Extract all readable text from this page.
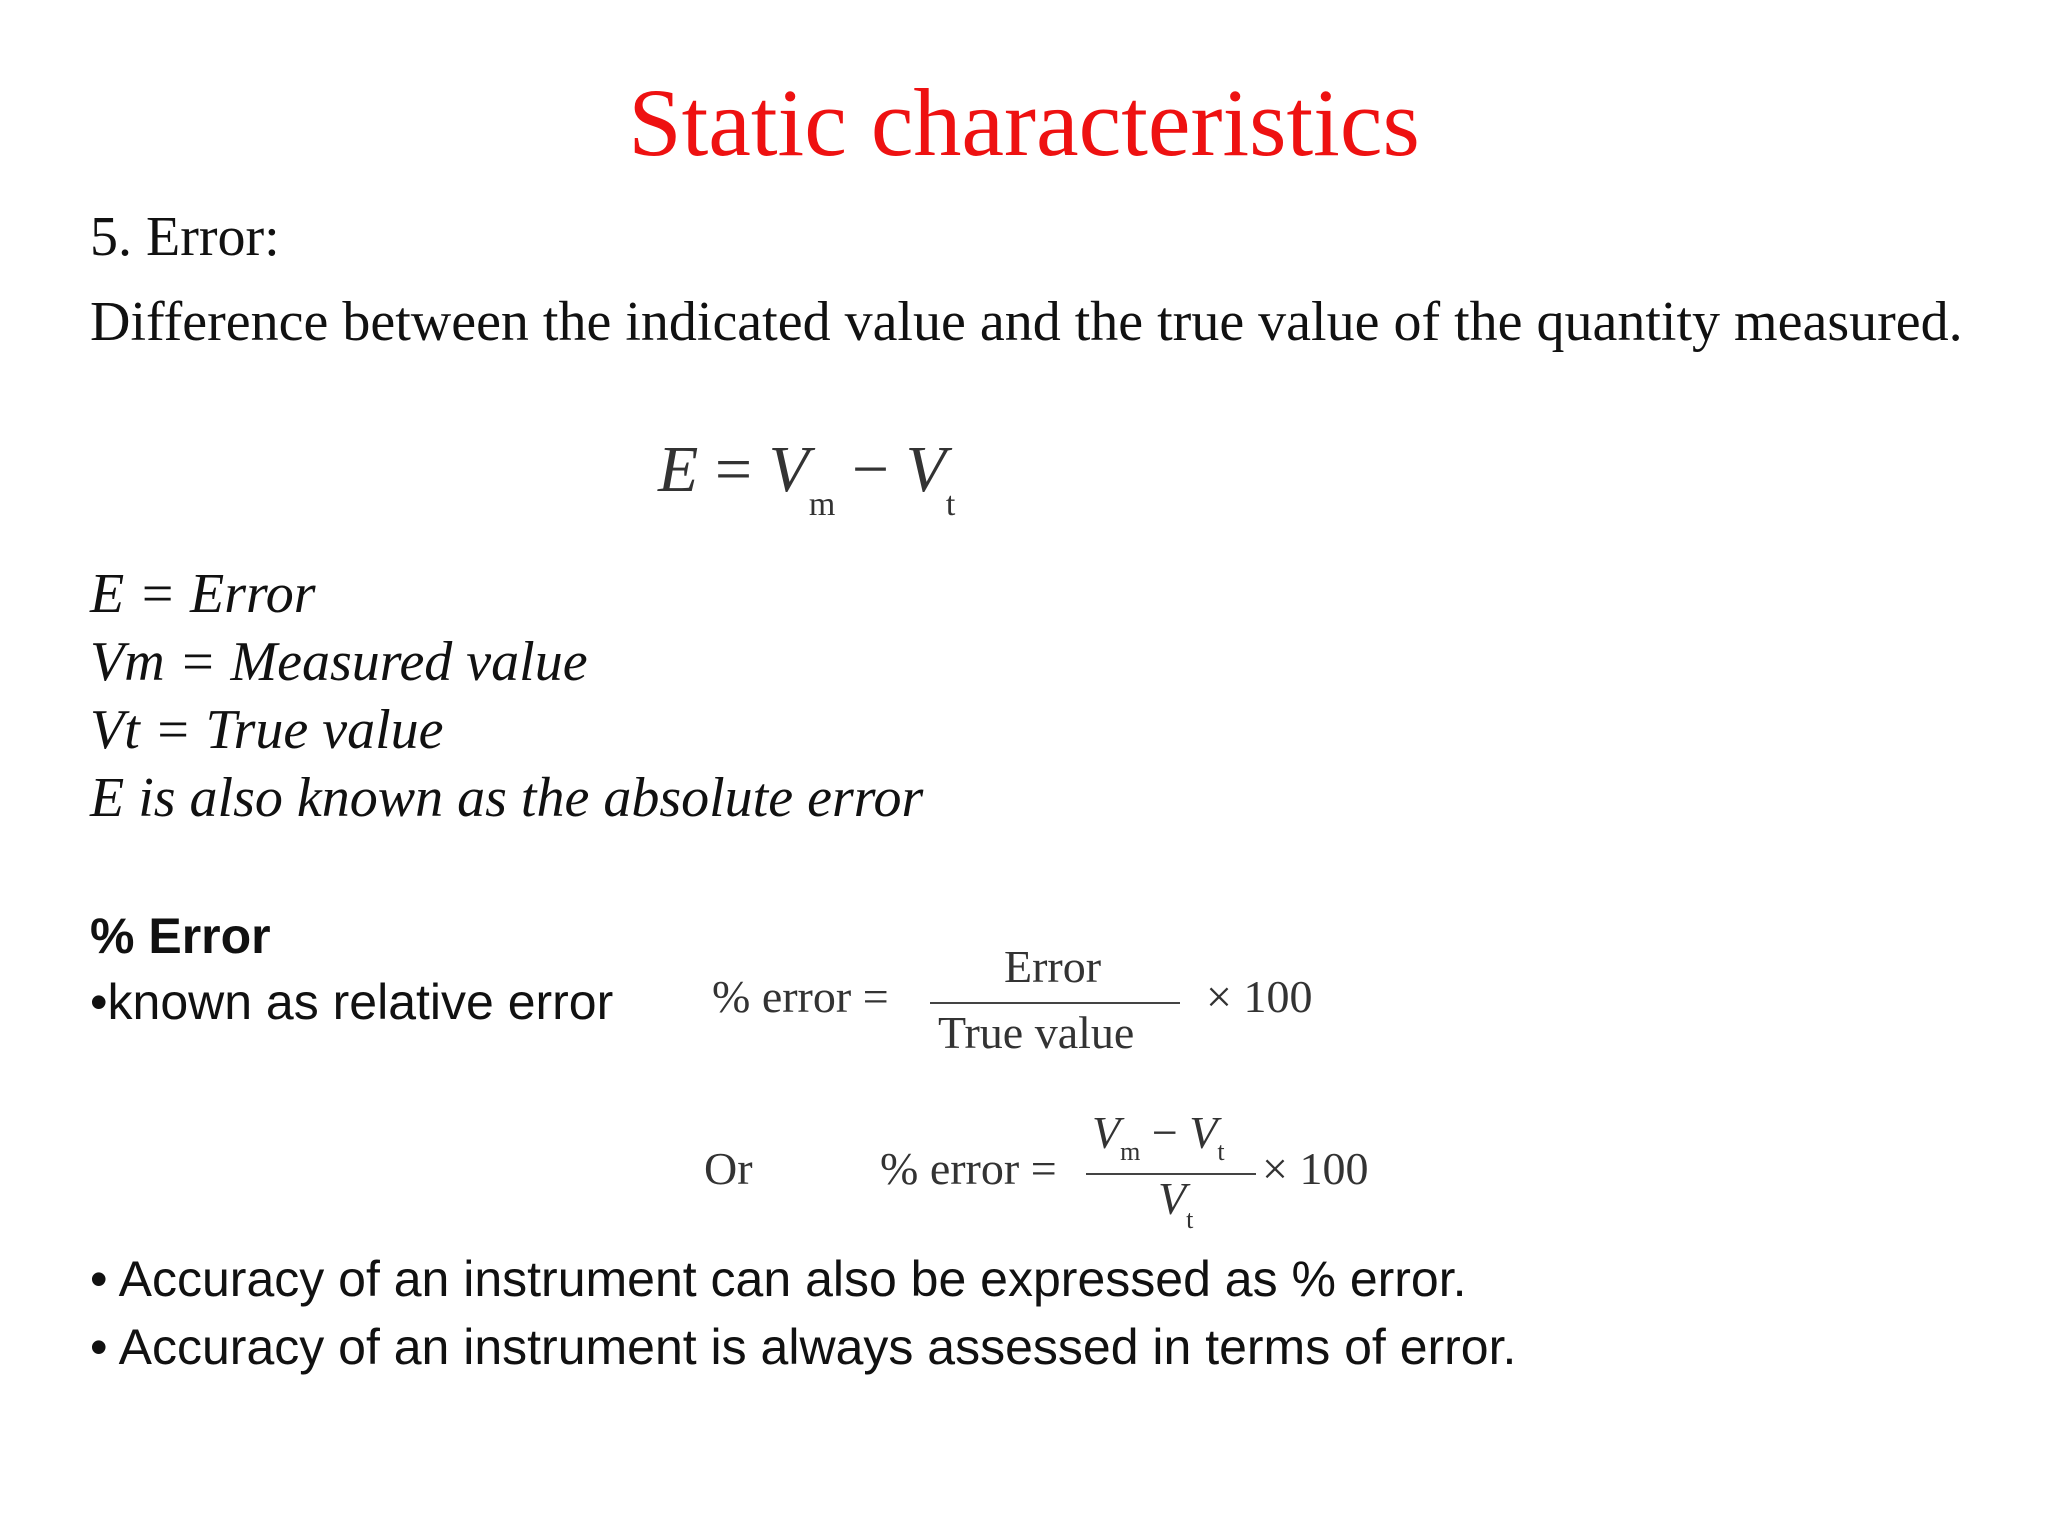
Static characteristics
5. Error:
Difference between the indicated value and the true value of the quantity measured.
$E = V_m - V_t$
E = Error
Vm = Measured value
Vt = True value
E is also known as the absolute error
% Error
•known as relative error % error =
Error
True value
× 100
Or	% error =
$V_m - V_t$
$V_t$
× 100
• Accuracy of an instrument can also be expressed as % error.
• Accuracy of an instrument is always assessed in terms of error.
